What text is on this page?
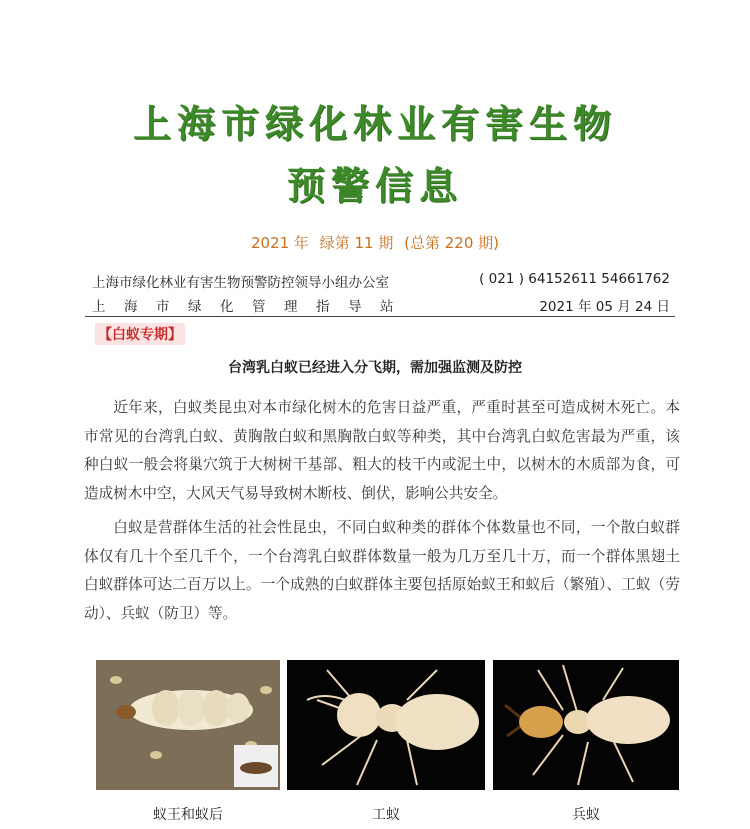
上海市绿化林业有害生物
预警信息
2021 年 绿第 11 期 (总第 220 期)
上海市绿化林业有害生物预警防控领导小组办公室	( 021 ) 64152611 54661762
上海市绿化管理指导站	2021 年 05 月 24 日
【白蚁专期】
台湾乳白蚁已经进入分飞期，需加强监测及防控

近年来，白蚁类昆虫对本市绿化树木的危害日益严重，严重时甚至可造成树木死亡。本市常见的台湾乳白蚁、黄胸散白蚁和黑胸散白蚁等种类，其中台湾乳白蚁危害最为严重，该种白蚁一般会将巢穴筑于大树树干基部、粗大的枝干内或泥土中，以树木的木质部为食，可造成树木中空，大风天气易导致树木断枝、倒伏，影响公共安全。

白蚁是营群体生活的社会性昆虫，不同白蚁种类的群体个体数量也不同，一个散白蚁群体仅有几十个至几千个，一个台湾乳白蚁群体数量一般为几万至几十万，而一个群体黑翅土白蚁群体可达二百万以上。一个成熟的白蚁群体主要包括原始蚁王和蚁后（繁殖）、工蚁（劳动）、兵蚁（防卫）等。

蚁王和蚁后	工蚁	兵蚁
